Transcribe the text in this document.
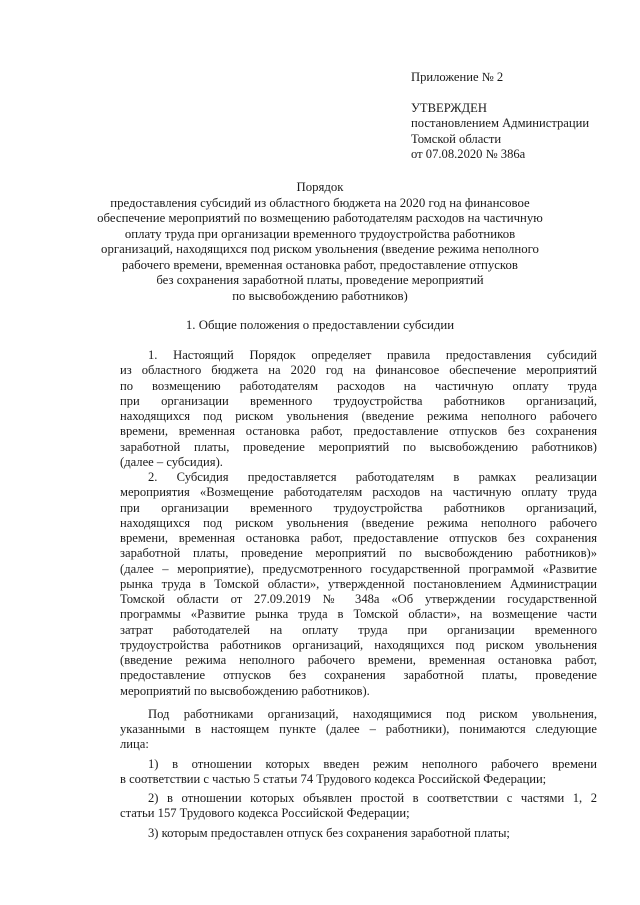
Приложение № 2
УТВЕРЖДЕН
постановлением Администрации
Томской области
от 07.08.2020 № 386а
Порядок
предоставления субсидий из областного бюджета на 2020 год на финансовое
обеспечение мероприятий по возмещению работодателям расходов на частичную
оплату труда при организации временного трудоустройства работников
организаций, находящихся под риском увольнения (введение режима неполного
рабочего времени, временная остановка работ, предоставление отпусков
без сохранения заработной платы, проведение мероприятий
по высвобождению работников)
1. Общие положения о предоставлении субсидии
1. Настоящий Порядок определяет правила предоставления субсидий
из областного бюджета на 2020 год на финансовое обеспечение мероприятий
по возмещению работодателям расходов на частичную оплату труда
при организации временного трудоустройства работников организаций,
находящихся под риском увольнения (введение режима неполного рабочего
времени, временная остановка работ, предоставление отпусков без сохранения
заработной платы, проведение мероприятий по высвобождению работников)
(далее – субсидия).
2. Субсидия предоставляется работодателям в рамках реализации
мероприятия «Возмещение работодателям расходов на частичную оплату труда
при организации временного трудоустройства работников организаций,
находящихся под риском увольнения (введение режима неполного рабочего
времени, временная остановка работ, предоставление отпусков без сохранения
заработной платы, проведение мероприятий по высвобождению работников)»
(далее – мероприятие), предусмотренного государственной программой «Развитие
рынка труда в Томской области», утвержденной постановлением Администрации
Томской области от 27.09.2019 № 348а «Об утверждении государственной
программы «Развитие рынка труда в Томской области», на возмещение части
затрат работодателей на оплату труда при организации временного
трудоустройства работников организаций, находящихся под риском увольнения
(введение режима неполного рабочего времени, временная остановка работ,
предоставление отпусков без сохранения заработной платы, проведение
мероприятий по высвобождению работников).
Под работниками организаций, находящимися под риском увольнения,
указанными в настоящем пункте (далее – работники), понимаются следующие
лица:
1) в отношении которых введен режим неполного рабочего времени
в соответствии с частью 5 статьи 74 Трудового кодекса Российской Федерации;
2) в отношении которых объявлен простой в соответствии с частями 1, 2
статьи 157 Трудового кодекса Российской Федерации;
3) которым предоставлен отпуск без сохранения заработной платы;
